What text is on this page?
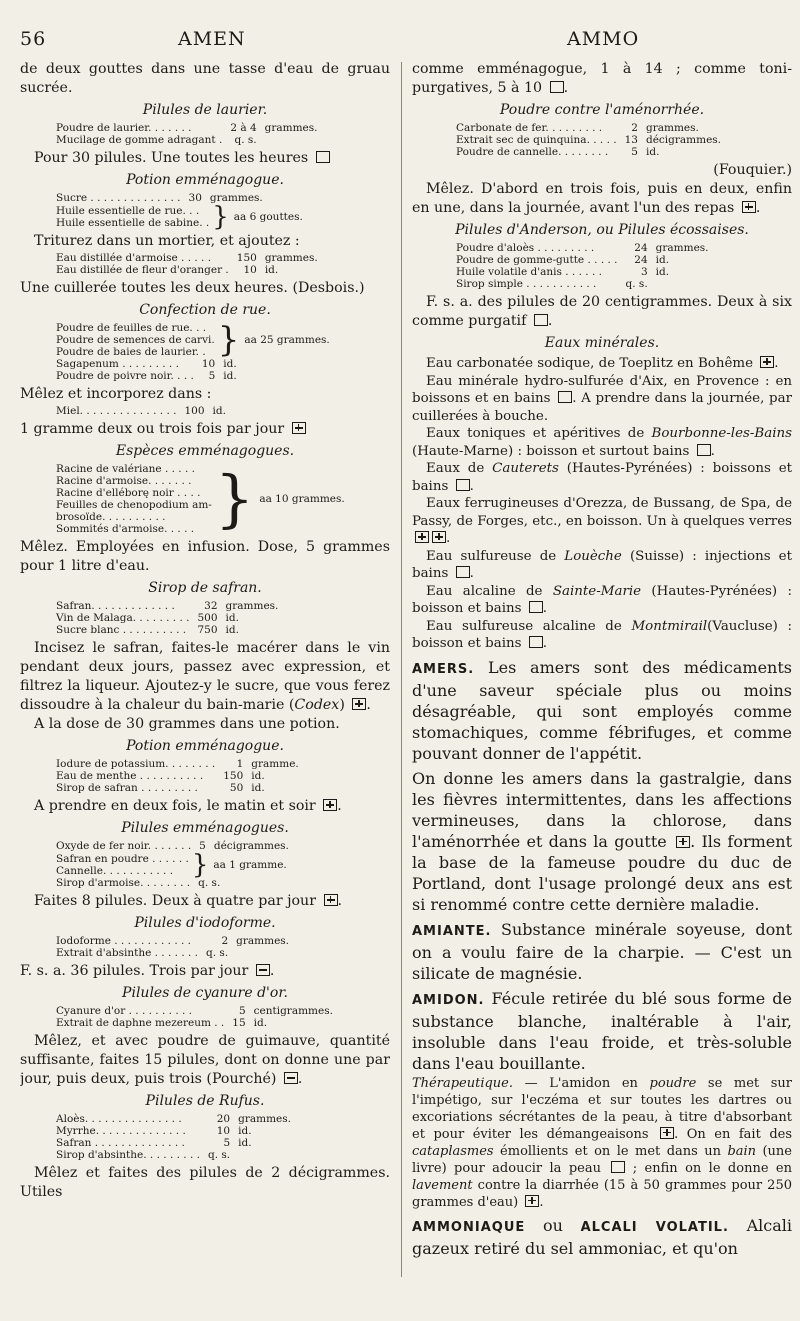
56	AMEN	AMMO

de deux gouttes dans une tasse d'eau de gruau sucrée.

Pilules de laurier.
Poudre de laurier. . . . . . .	2 à 4	grammes.
Mucilage de gomme adragant .	q. s.	

Pour 30 pilules. Une toutes les heures

Potion emménagogue.
Sucre . . . . . . . . . . . . . .	30	grammes.
Huile essentielle de rue. . .
Huile essentielle de sabine. .	}	aa 6 gouttes.

Triturez dans un mortier, et ajoutez :

Eau distillée d'armoise . . . . .	150	grammes.
Eau distillée de fleur d'oranger .	10	id.

Une cuillerée toutes les deux heures. (Desbois.)

Confection de rue.
Poudre de feuilles de rue. . .
Poudre de semences de carvi.
Poudre de baies de laurier. .	}	aa 25 grammes.
Sagapenum . . . . . . . . .	10	id.
Poudre de poivre noir. . . .	5	id.

Mêlez et incorporez dans :

Miel. . . . . . . . . . . . . . .	100	id.

1 gramme deux ou trois fois par jour

Espèces emménagogues.
Racine de valériane . . . . .
Racine d'armoise. . . . . . .
Racine d'elléborę noir . . . .
Feuilles de chenopodium am-
brosoïde. . . . . . . . . .
Sommités d'armoise. . . . .	}	aa 10 grammes.

Mêlez. Employées en infusion. Dose, 5 grammes pour 1 litre d'eau.

Sirop de safran.
Safran. . . . . . . . . . . . .	32	grammes.
Vin de Malaga. . . . . . . . .	500	id.
Sucre blanc . . . . . . . . . .	750	id.

Incisez le safran, faites-le macérer dans le vin pendant deux jours, passez avec expression, et filtrez la liqueur. Ajoutez-y le sucre, que vous ferez dissoudre à la chaleur du bain-marie (Codex) .

A la dose de 30 grammes dans une potion.

Potion emménagogue.
Iodure de potassium. . . . . . . .	1	gramme.
Eau de menthe . . . . . . . . . .	150	id.
Sirop de safran . . . . . . . . .	50	id.

A prendre en deux fois, le matin et soir .

Pilules emménagogues.
Oxyde de fer noir. . . . . . .	5	décigrammes.
Safran en poudre . . . . . .
Cannelle. . . . . . . . . . .	}	aa 1 gramme.
Sirop d'armoise. . . . . . . .	q. s.	

Faites 8 pilules. Deux à quatre par jour .

Pilules d'iodoforme.
Iodoforme . . . . . . . . . . . .	2	grammes.
Extrait d'absinthe . . . . . . .	q. s.	

F. s. a. 36 pilules. Trois par jour .

Pilules de cyanure d'or.
Cyanure d'or . . . . . . . . . .	5	centigrammes.
Extrait de daphne mezereum . .	15	id.

Mêlez, et avec poudre de guimauve, quantité suffisante, faites 15 pilules, dont on donne une par jour, puis deux, puis trois (Pourché) .

Pilules de Rufus.
Aloès. . . . . . . . . . . . . . .	20	grammes.
Myrrhe. . . . . . . . . . . . . .	10	id.
Safran . . . . . . . . . . . . . .	5	id.
Sirop d'absinthe. . . . . . . . .	q. s.	

Mêlez et faites des pilules de 2 décigrammes. Utiles

comme emménagogue, 1 à 14 ; comme toni-purgatives, 5 à 10 .

Poudre contre l'aménorrhée.
Carbonate de fer. . . . . . . . .	2	grammes.
Extrait sec de quinquina. . . . .	13	décigrammes.
Poudre de cannelle. . . . . . . .	5	id.

(Fouquier.)

Mêlez. D'abord en trois fois, puis en deux, enfin en une, dans la journée, avant l'un des repas .

Pilules d'Anderson, ou Pilules écossaises.
Poudre d'aloès . . . . . . . . .	24	grammes.
Poudre de gomme-gutte . . . . .	24	id.
Huile volatile d'anis . . . . . .	3	id.
Sirop simple . . . . . . . . . . .	q. s.	

F. s. a. des pilules de 20 centigrammes. Deux à six comme purgatif .

Eaux minérales.

Eau carbonatée sodique, de Toeplitz en Bohême .

Eau minérale hydro-sulfurée d'Aix, en Provence : en boissons et en bains . A prendre dans la journée, par cuillerées à bouche.

Eaux toniques et apéritives de Bourbonne-les-Bains (Haute-Marne) : boisson et surtout bains .

Eaux de Cauterets (Hautes-Pyrénées) : boissons et bains .

Eaux ferrugineuses d'Orezza, de Bussang, de Spa, de Passy, de Forges, etc., en boisson. Un à quelques verres .

Eau sulfureuse de Louèche (Suisse) : injections et bains .

Eau alcaline de Sainte-Marie (Hautes-Pyrénées) : boisson et bains .

Eau sulfureuse alcaline de Montmirail(Vaucluse) : boisson et bains .

AMERS. Les amers sont des médicaments d'une saveur spéciale plus ou moins désagréable, qui sont employés comme stomachiques, comme fébrifuges, et comme pouvant donner de l'appétit.

On donne les amers dans la gastralgie, dans les fièvres intermittentes, dans les affections vermineuses, dans la chlorose, dans l'aménorrhée et dans la goutte . Ils forment la base de la fameuse poudre du duc de Portland, dont l'usage prolongé deux ans est si renommé contre cette dernière maladie.

AMIANTE. Substance minérale soyeuse, dont on a voulu faire de la charpie. — C'est un silicate de magnésie.

AMIDON. Fécule retirée du blé sous forme de substance blanche, inaltérable à l'air, insoluble dans l'eau froide, et très-soluble dans l'eau bouillante.

Thérapeutique. — L'amidon en poudre se met sur l'impétigo, sur l'eczéma et sur toutes les dartres ou excoriations sécrétantes de la peau, à titre d'absorbant et pour éviter les démangeaisons . On en fait des cataplasmes émollients et on le met dans un bain (une livre) pour adoucir la peau  ; enfin on le donne en lavement contre la diarrhée (15 à 50 grammes pour 250 grammes d'eau) .

AMMONIAQUE ou ALCALI VOLATIL. Alcali gazeux retiré du sel ammoniac, et qu'on
